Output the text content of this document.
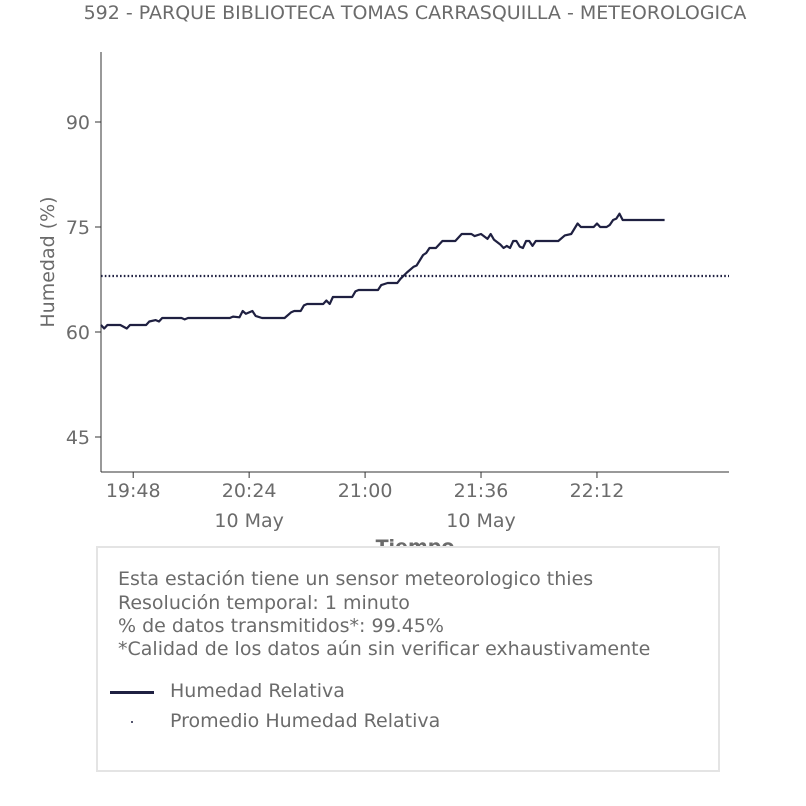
592 - PARQUE BIBLIOTECA TOMAS CARRASQUILLA - METEOROLOGICA
45
60
75
90
19:48	20:24
10 May
21:00	21:36
10 May
22:12
Humedad (%)
Esta estación tiene un sensor meteorologico thies
Resolución temporal: 1 minuto
% de datos transmitidos*: 99.45%
*Calidad de los datos aún sin verificar exhaustivamente
Humedad Relativa
Promedio Humedad Relativa
